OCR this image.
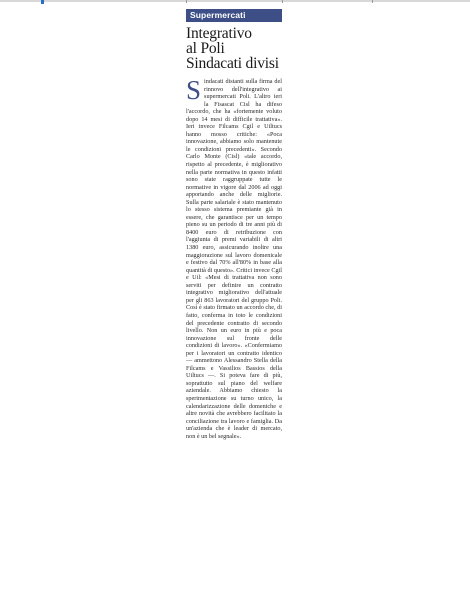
Supermercati
Integrativo
al Poli
Sindacati divisi
Sindacati distanti sulla firma del rinnovo dell'integrativo ai supermercati Poli. L'altro ieri la Fisascat Cisl ha difeso l'accordo, che ha «fortemente voluto dopo 14 mesi di difficile trattativa». Ieri invece Filcams Cgil e Uiltucs hanno mosso critiche: «Poca innovazione, abbiamo solo mantenute le condizioni precedenti». Secondo Carlo Monte (Cisl) «tale accordo, rispetto al precedente, è migliorativo nella parte normativa in questo infatti sono state raggruppate tutte le normative in vigore dal 2006 ad oggi apportando anche delle migliorie. Sulla parte salariale è stato mantenuto lo stesso sistema premiante già in essere, che garantisce per un tempo pieno su un periodo di tre anni più di 8400 euro di retribuzione con l'aggiunta di premi variabili di altri 1380 euro, assicurando inoltre una maggiorazione sul lavoro domenicale e festivo dal 70% all'80% in base alla quantità di questo». Critici invece Cgil e Uil: «Mesi di trattativa non sono serviti per definire un contratto integrativo migliorativo dell'attuale per gli 863 lavoratori del gruppo Poli. Così è stato firmato un accordo che, di fatto, conferma in toto le condizioni del precedente contratto di secondo livello. Non un euro in più e poca innovazione sul fronte delle condizioni di lavoro». «Confermiamo per i lavoratori un contratto identico — ammettono Alessandro Stella della Filcams e Vassilios Bassios della Uiltucs —. Si poteva fare di più, soprattutto sul piano del welfare aziendale. Abbiamo chiesto la sperimentazione su turno unico, la calendarizzazione delle domeniche e altre novità che avrebbero facilitato la conciliazione tra lavoro e famiglia. Da un'azienda che è leader di mercato, non è un bel segnale».
